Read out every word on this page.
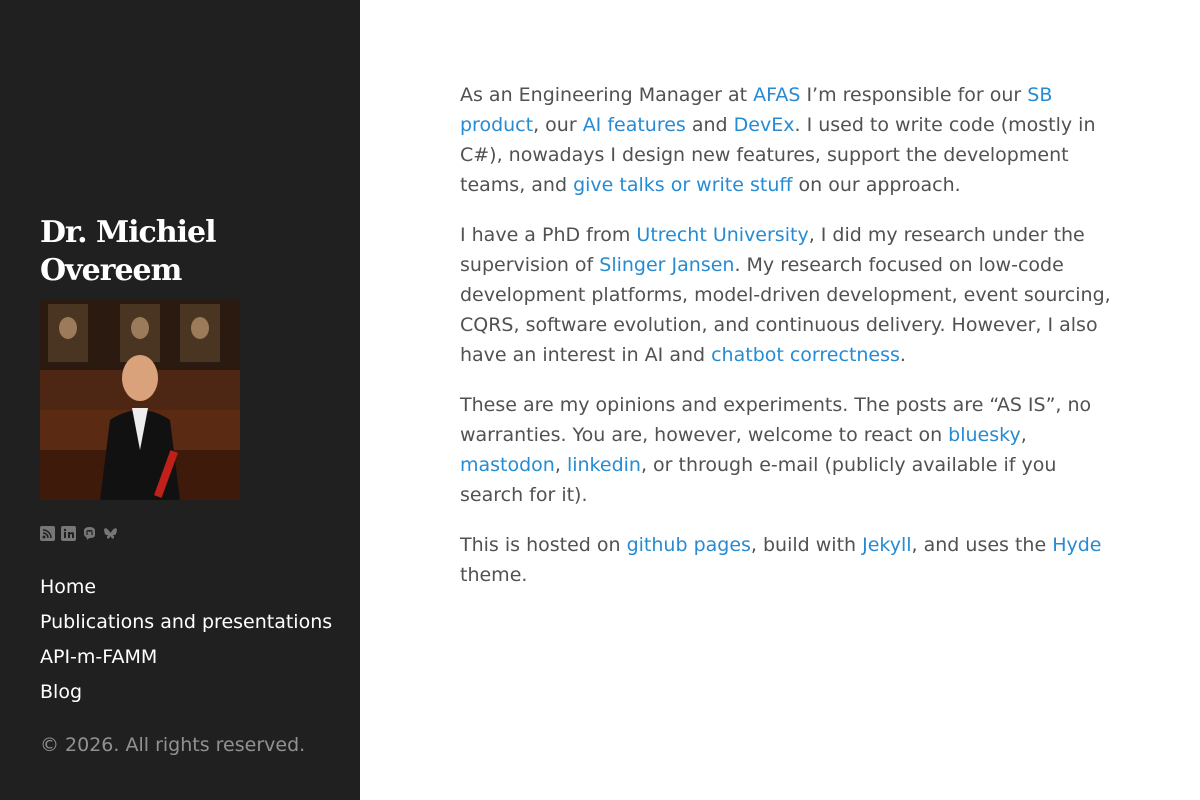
Dr. Michiel Overeem
Home
Publications and presentations
API-m-FAMM
Blog
© 2026. All rights reserved.

As an Engineering Manager at AFAS I’m responsible for our SB product, our AI features and DevEx. I used to write code (mostly in C#), nowadays I design new features, support the development teams, and give talks or write stuff on our approach.

I have a PhD from Utrecht University, I did my research under the supervision of Slinger Jansen. My research focused on low-code development platforms, model-driven development, event sourcing, CQRS, software evolution, and continuous delivery. However, I also have an interest in AI and chatbot correctness.

These are my opinions and experiments. The posts are “AS IS”, no warranties. You are, however, welcome to react on bluesky, mastodon, linkedin, or through e-mail (publicly available if you search for it).

This is hosted on github pages, build with Jekyll, and uses the Hyde theme.
